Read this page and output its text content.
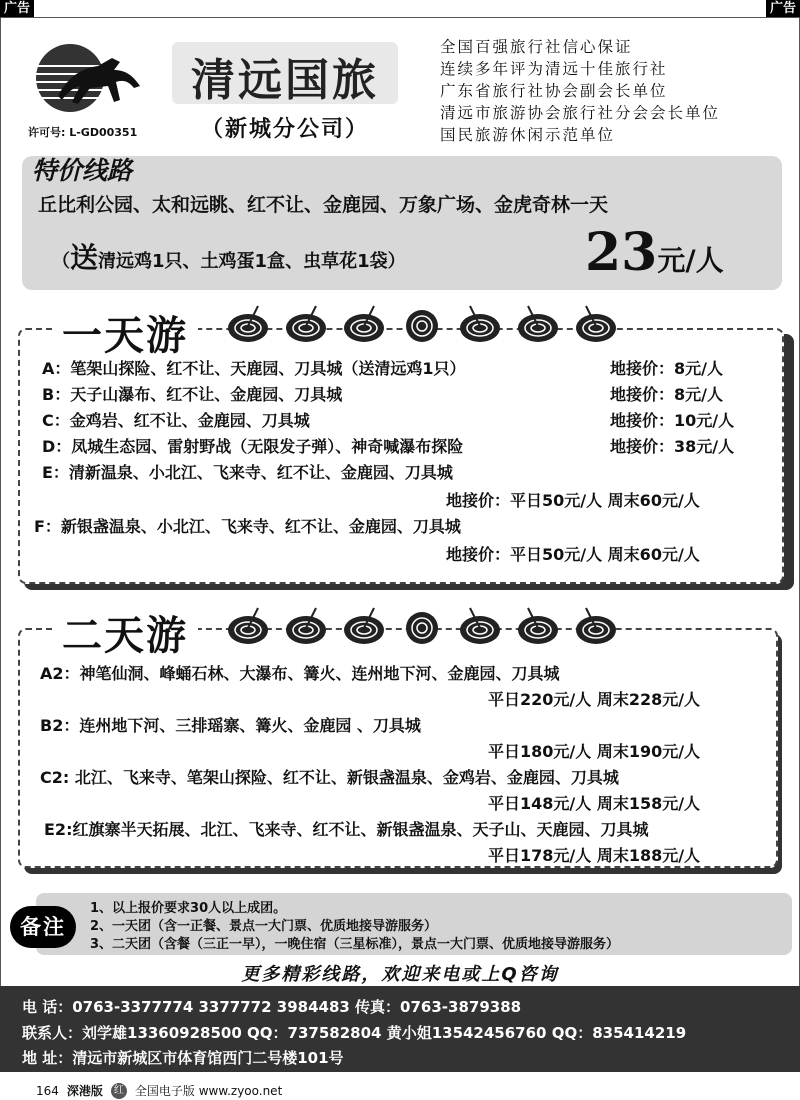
广告	广告
许可号: L-GD00351
清远国旅
（新城分公司）
全国百强旅行社信心保证
连续多年评为清远十佳旅行社
广东省旅行社协会副会长单位
清远市旅游协会旅行社分会会长单位
国民旅游休闲示范单位
特价线路
丘比利公园、太和远眺、红不让、金鹿园、万象广场、金虎奇林一天
（送清远鸡1只、土鸡蛋1盒、虫草花1袋）	23元/人
一天游
A：笔架山探险、红不让、天鹿园、刀具城（送清远鸡1只）	地接价：8元/人
B：天子山瀑布、红不让、金鹿园、刀具城	地接价：8元/人
C：金鸡岩、红不让、金鹿园、刀具城	地接价：10元/人
D：凤城生态园、雷射野战（无限发子弹）、神奇喊瀑布探险	地接价：38元/人
E：清新温泉、小北江、飞来寺、红不让、金鹿园、刀具城
地接价：平日50元/人 周末60元/人
F：新银盏温泉、小北江、飞来寺、红不让、金鹿园、刀具城
地接价：平日50元/人 周末60元/人
二天游
A2：神笔仙洞、峰蛹石林、大瀑布、篝火、连州地下河、金鹿园、刀具城
平日220元/人 周末228元/人
B2：连州地下河、三排瑶寨、篝火、金鹿园 、刀具城
平日180元/人 周末190元/人
C2: 北江、飞来寺、笔架山探险、红不让、新银盏温泉、金鸡岩、金鹿园、刀具城
平日148元/人 周末158元/人
E2:红旗寨半天拓展、北江、飞来寺、红不让、新银盏温泉、天子山、天鹿园、刀具城
平日178元/人 周末188元/人
备注
1、以上报价要求30人以上成团。
2、一天团（含一正餐、景点一大门票、优质地接导游服务）
3、二天团（含餐（三正一早），一晚住宿（三星标准），景点一大门票、优质地接导游服务）
更多精彩线路，欢迎来电或上Q咨询
电 话：0763-3377774 3377772 3984483 传真：0763-3879388
联系人：刘学雄13360928500 QQ：737582804 黄小姐13542456760 QQ：835414219
地 址：清远市新城区市体育馆西门二号楼101号
164 深港版	红 全国电子版 www.zyoo.net
